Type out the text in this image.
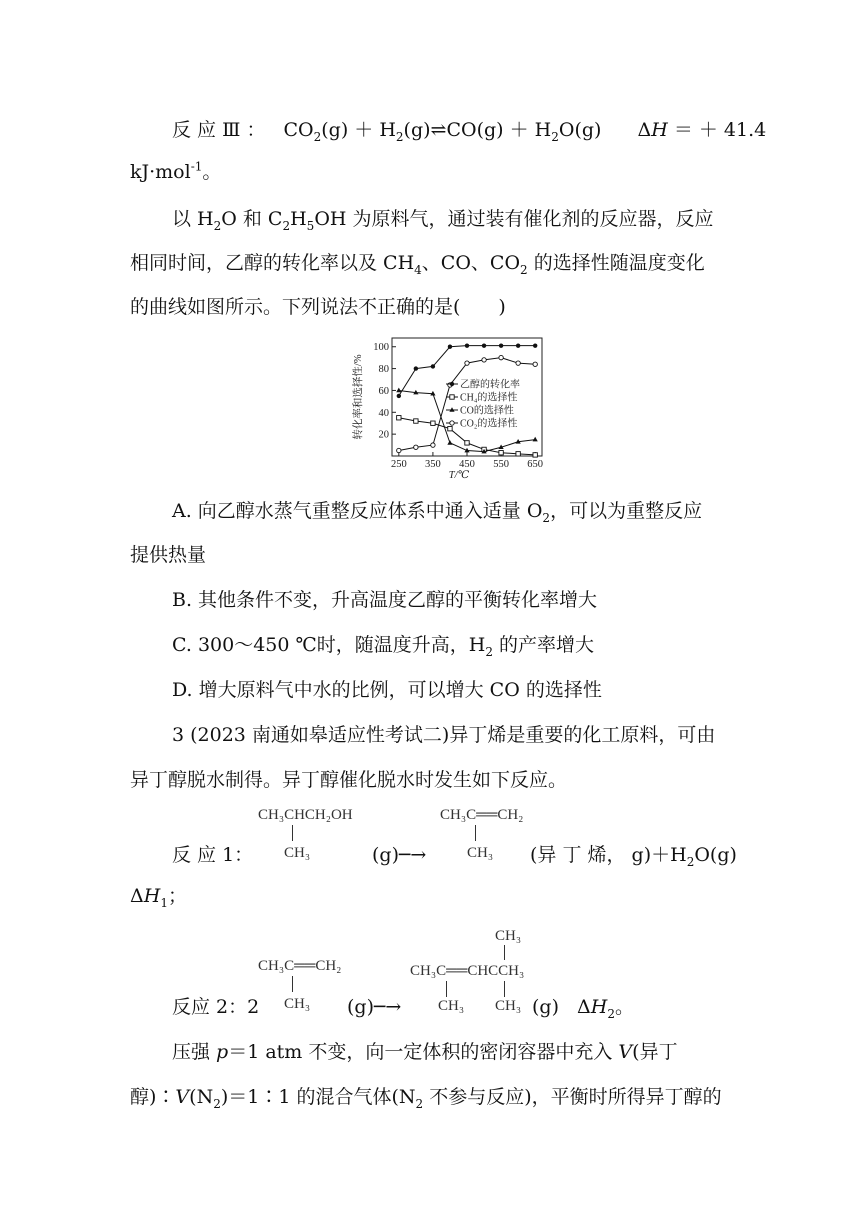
反 应 Ⅲ ： $CO_2(g)$ ＋ $H_2(g)\rightleftharpoons CO(g) + H_2O(g) \Delta H$ ＝ ＋ 41.4
kJ·mol$^{-1}$。
以 $H_2O$ 和 $C_2H_5OH$ 为原料气，通过装有催化剂的反应器，反应
相同时间，乙醇的转化率以及 $CH_4$、CO、$CO_2$ 的选择性随温度变化
的曲线如图所示。下列说法不正确的是(　　)
20
40
60
80
100
250 350 450 550 650
T/℃
转化率和选择性/%	乙醇的转化率
CH₄的选择性
CO的选择性
CO₂的选择性
A. 向乙醇水蒸气重整反应体系中通入适量 $O_2$，可以为重整反应
提供热量
B. 其他条件不变，升高温度乙醇的平衡转化率增大
C. 300～450 ℃时，随温度升高，$H_2$ 的产率增大
D. 增大原料气中水的比例，可以增大 CO 的选择性
3 (2023 南通如皋适应性考试二)异丁烯是重要的化工原料，可由
异丁醇脱水制得。异丁醇催化脱水时发生如下反应。
CH₃CHCH₂OH
CH₃
CH₃C══CH₂
CH₃
反 应 1：	(g)─→	(异 丁 烯， $g)+H_2O(g)$
$\Delta H_1$；
CH₃
CH₃C══CH₂
CH₃
CH₃C══CHCCH₃
CH₃ CH₃
反应 2：2	(g)─→	(g) $\Delta H_2$。
压强 p＝1 atm 不变，向一定体积的密闭容器中充入 V(异丁
醇)$∶V(N_2)=1∶1$ 的混合气体($N_2$ 不参与反应)，平衡时所得异丁醇的
